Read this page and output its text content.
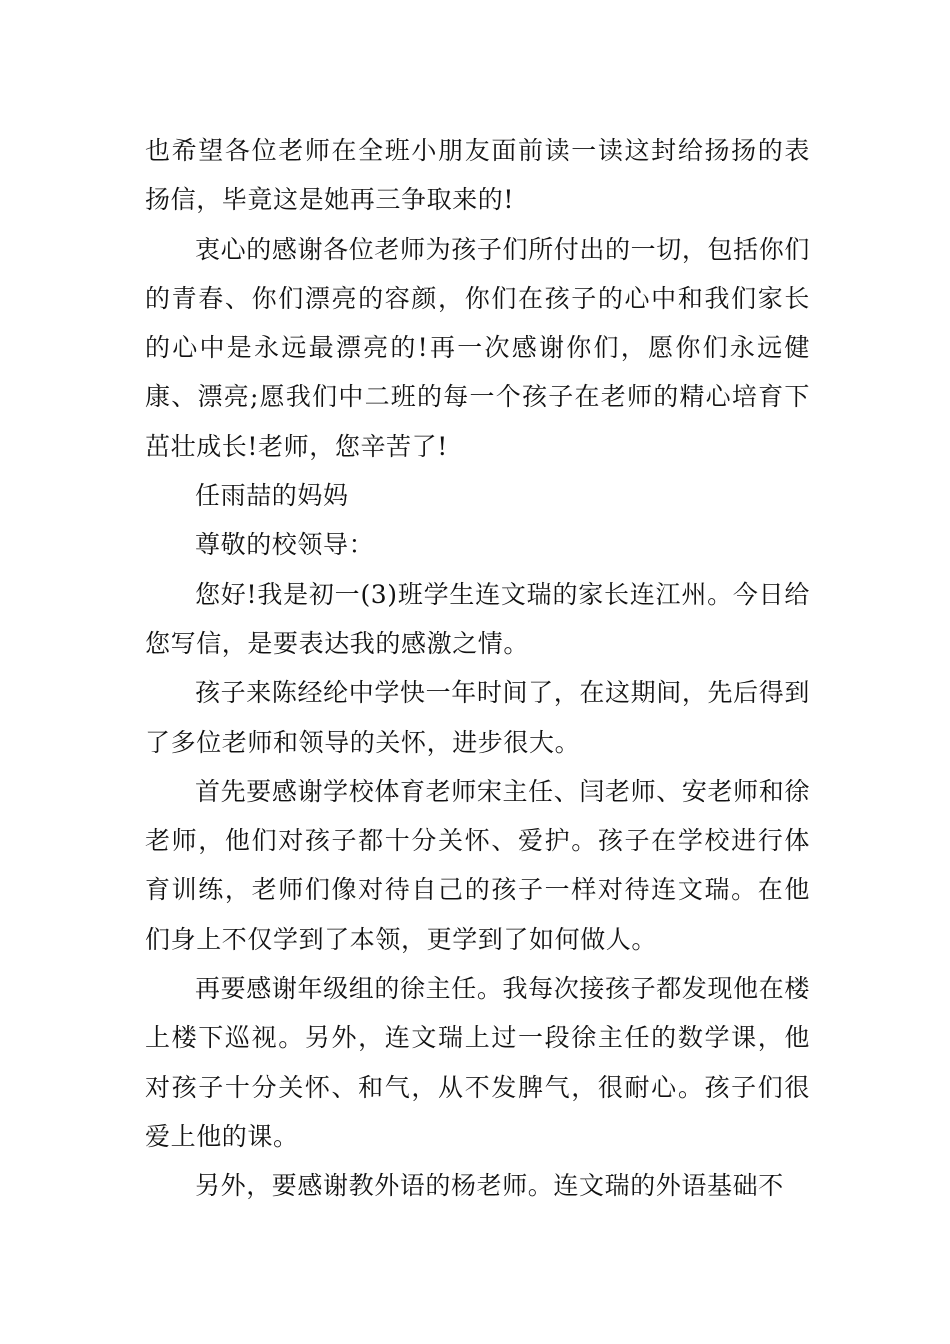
也希望各位老师在全班小朋友面前读一读这封给扬扬的表扬信，毕竟这是她再三争取来的!

衷心的感谢各位老师为孩子们所付出的一切，包括你们的青春、你们漂亮的容颜，你们在孩子的心中和我们家长的心中是永远最漂亮的!再一次感谢你们，愿你们永远健康、漂亮;愿我们中二班的每一个孩子在老师的精心培育下茁壮成长!老师，您辛苦了!

任雨喆的妈妈

尊敬的校领导：

您好!我是初一(3)班学生连文瑞的家长连江州。今日给您写信，是要表达我的感激之情。

孩子来陈经纶中学快一年时间了，在这期间，先后得到了多位老师和领导的关怀，进步很大。

首先要感谢学校体育老师宋主任、闫老师、安老师和徐老师，他们对孩子都十分关怀、爱护。孩子在学校进行体育训练，老师们像对待自己的孩子一样对待连文瑞。在他们身上不仅学到了本领，更学到了如何做人。

再要感谢年级组的徐主任。我每次接孩子都发现他在楼上楼下巡视。另外，连文瑞上过一段徐主任的数学课，他对孩子十分关怀、和气，从不发脾气，很耐心。孩子们很爱上他的课。

另外，要感谢教外语的杨老师。连文瑞的外语基础不
